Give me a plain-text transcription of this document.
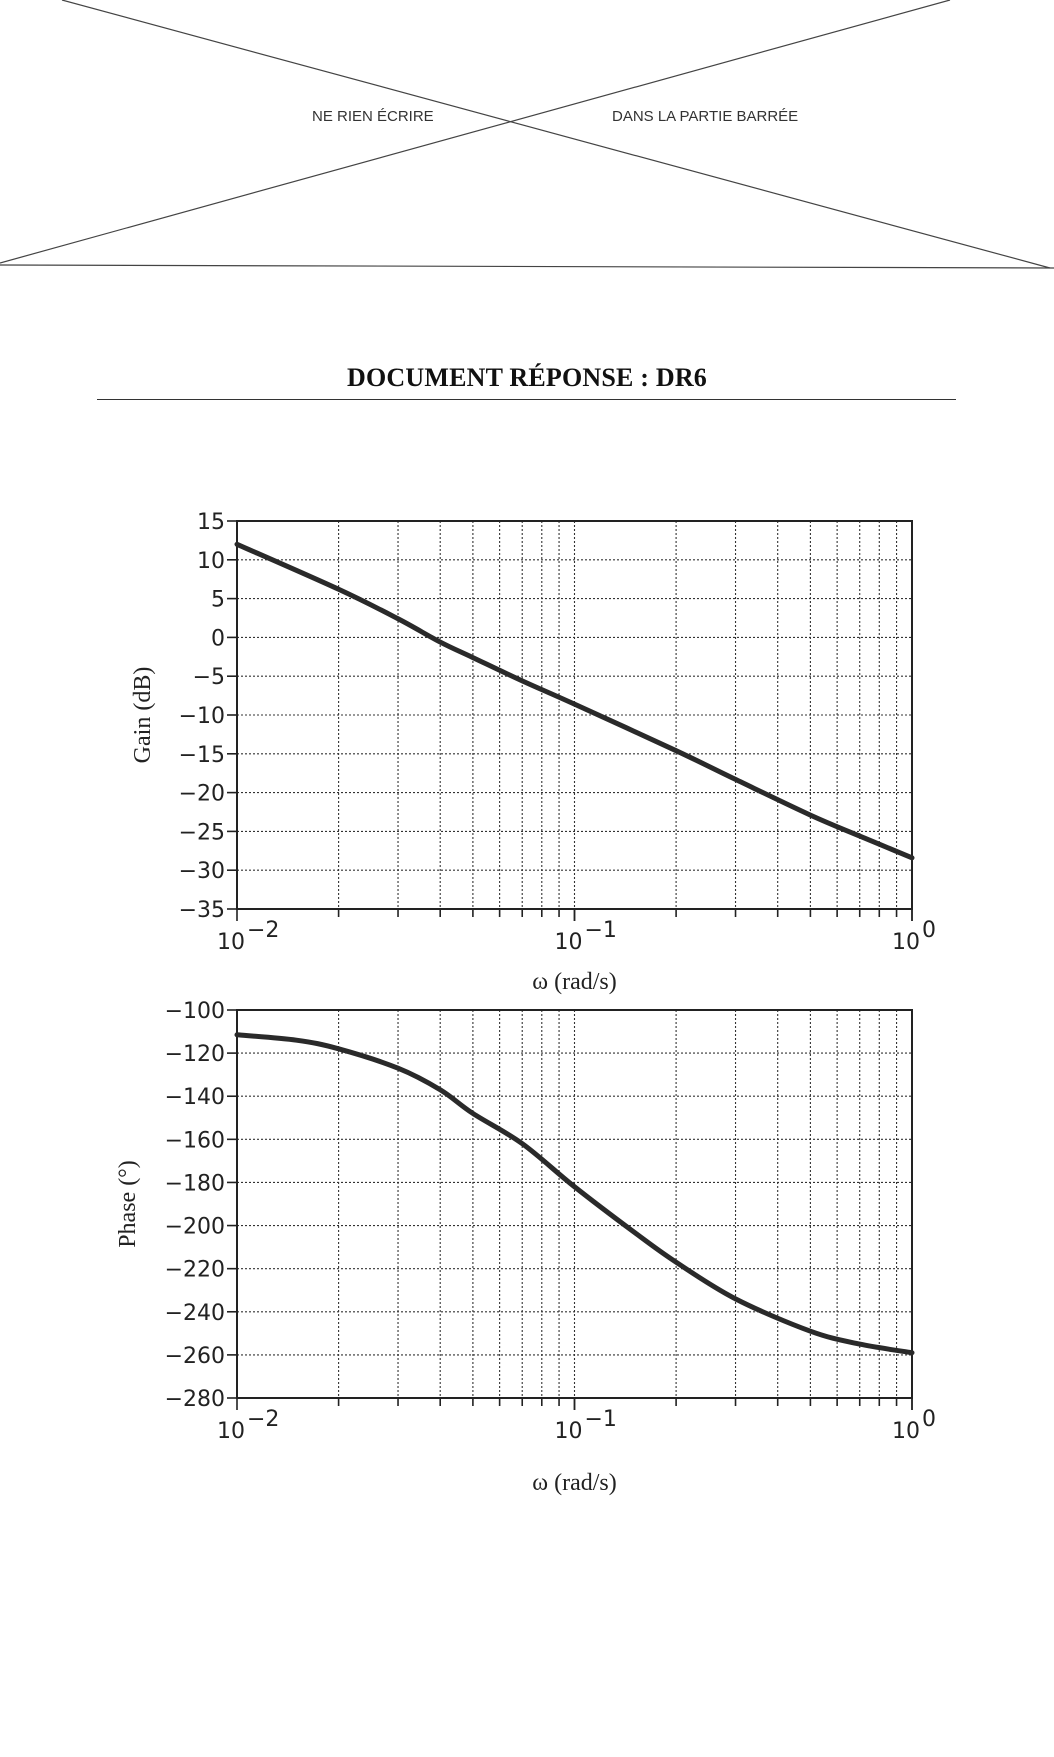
NE RIEN ÉCRIRE	DANS LA PARTIE BARRÉE
DOCUMENT RÉPONSE : DR6
15
10
5
0
−5
−10
−15
−20
−25
−30
−35
10 −2	10 −1	10 0
ω (rad/s)
Gain (dB)
−100
−120
−140
−160
−180
−200
−220
−240
−260
−280
10 −2	10 −1	10 0
ω (rad/s)
Phase (°)
